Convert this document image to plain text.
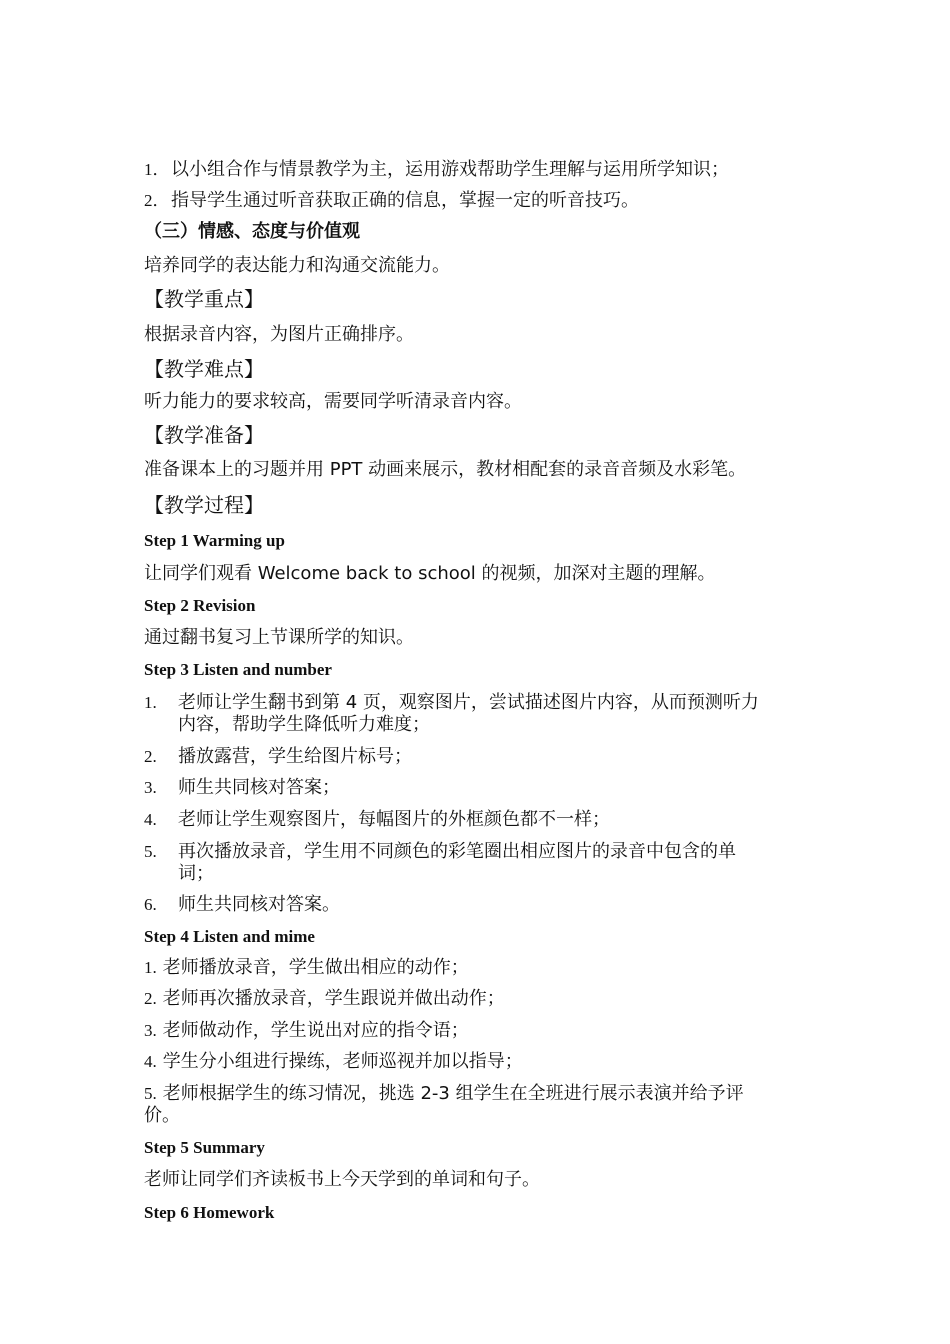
1．以小组合作与情景教学为主，运用游戏帮助学生理解与运用所学知识；
2．指导学生通过听音获取正确的信息，掌握一定的听音技巧。
（三）情感、态度与价值观
培养同学的表达能力和沟通交流能力。
【教学重点】
根据录音内容，为图片正确排序。
【教学难点】
听力能力的要求较高，需要同学听清录音内容。
【教学准备】
准备课本上的习题并用 PPT 动画来展示，教材相配套的录音音频及水彩笔。
【教学过程】
Step 1 Warming up
让同学们观看 Welcome back to school 的视频，加深对主题的理解。
Step 2 Revision
通过翻书复习上节课所学的知识。
Step 3 Listen and number
1. 老师让学生翻书到第 4 页，观察图片，尝试描述图片内容，从而预测听力
内容，帮助学生降低听力难度；
2. 播放露营，学生给图片标号；
3. 师生共同核对答案；
4. 老师让学生观察图片，每幅图片的外框颜色都不一样；
5. 再次播放录音，学生用不同颜色的彩笔圈出相应图片的录音中包含的单
词；
6. 师生共同核对答案。
Step 4 Listen and mime
1. 老师播放录音，学生做出相应的动作；
2. 老师再次播放录音，学生跟说并做出动作；
3. 老师做动作，学生说出对应的指令语；
4. 学生分小组进行操练，老师巡视并加以指导；
5. 老师根据学生的练习情况，挑选 2-3 组学生在全班进行展示表演并给予评
价。
Step 5 Summary
老师让同学们齐读板书上今天学到的单词和句子。
Step 6 Homework
